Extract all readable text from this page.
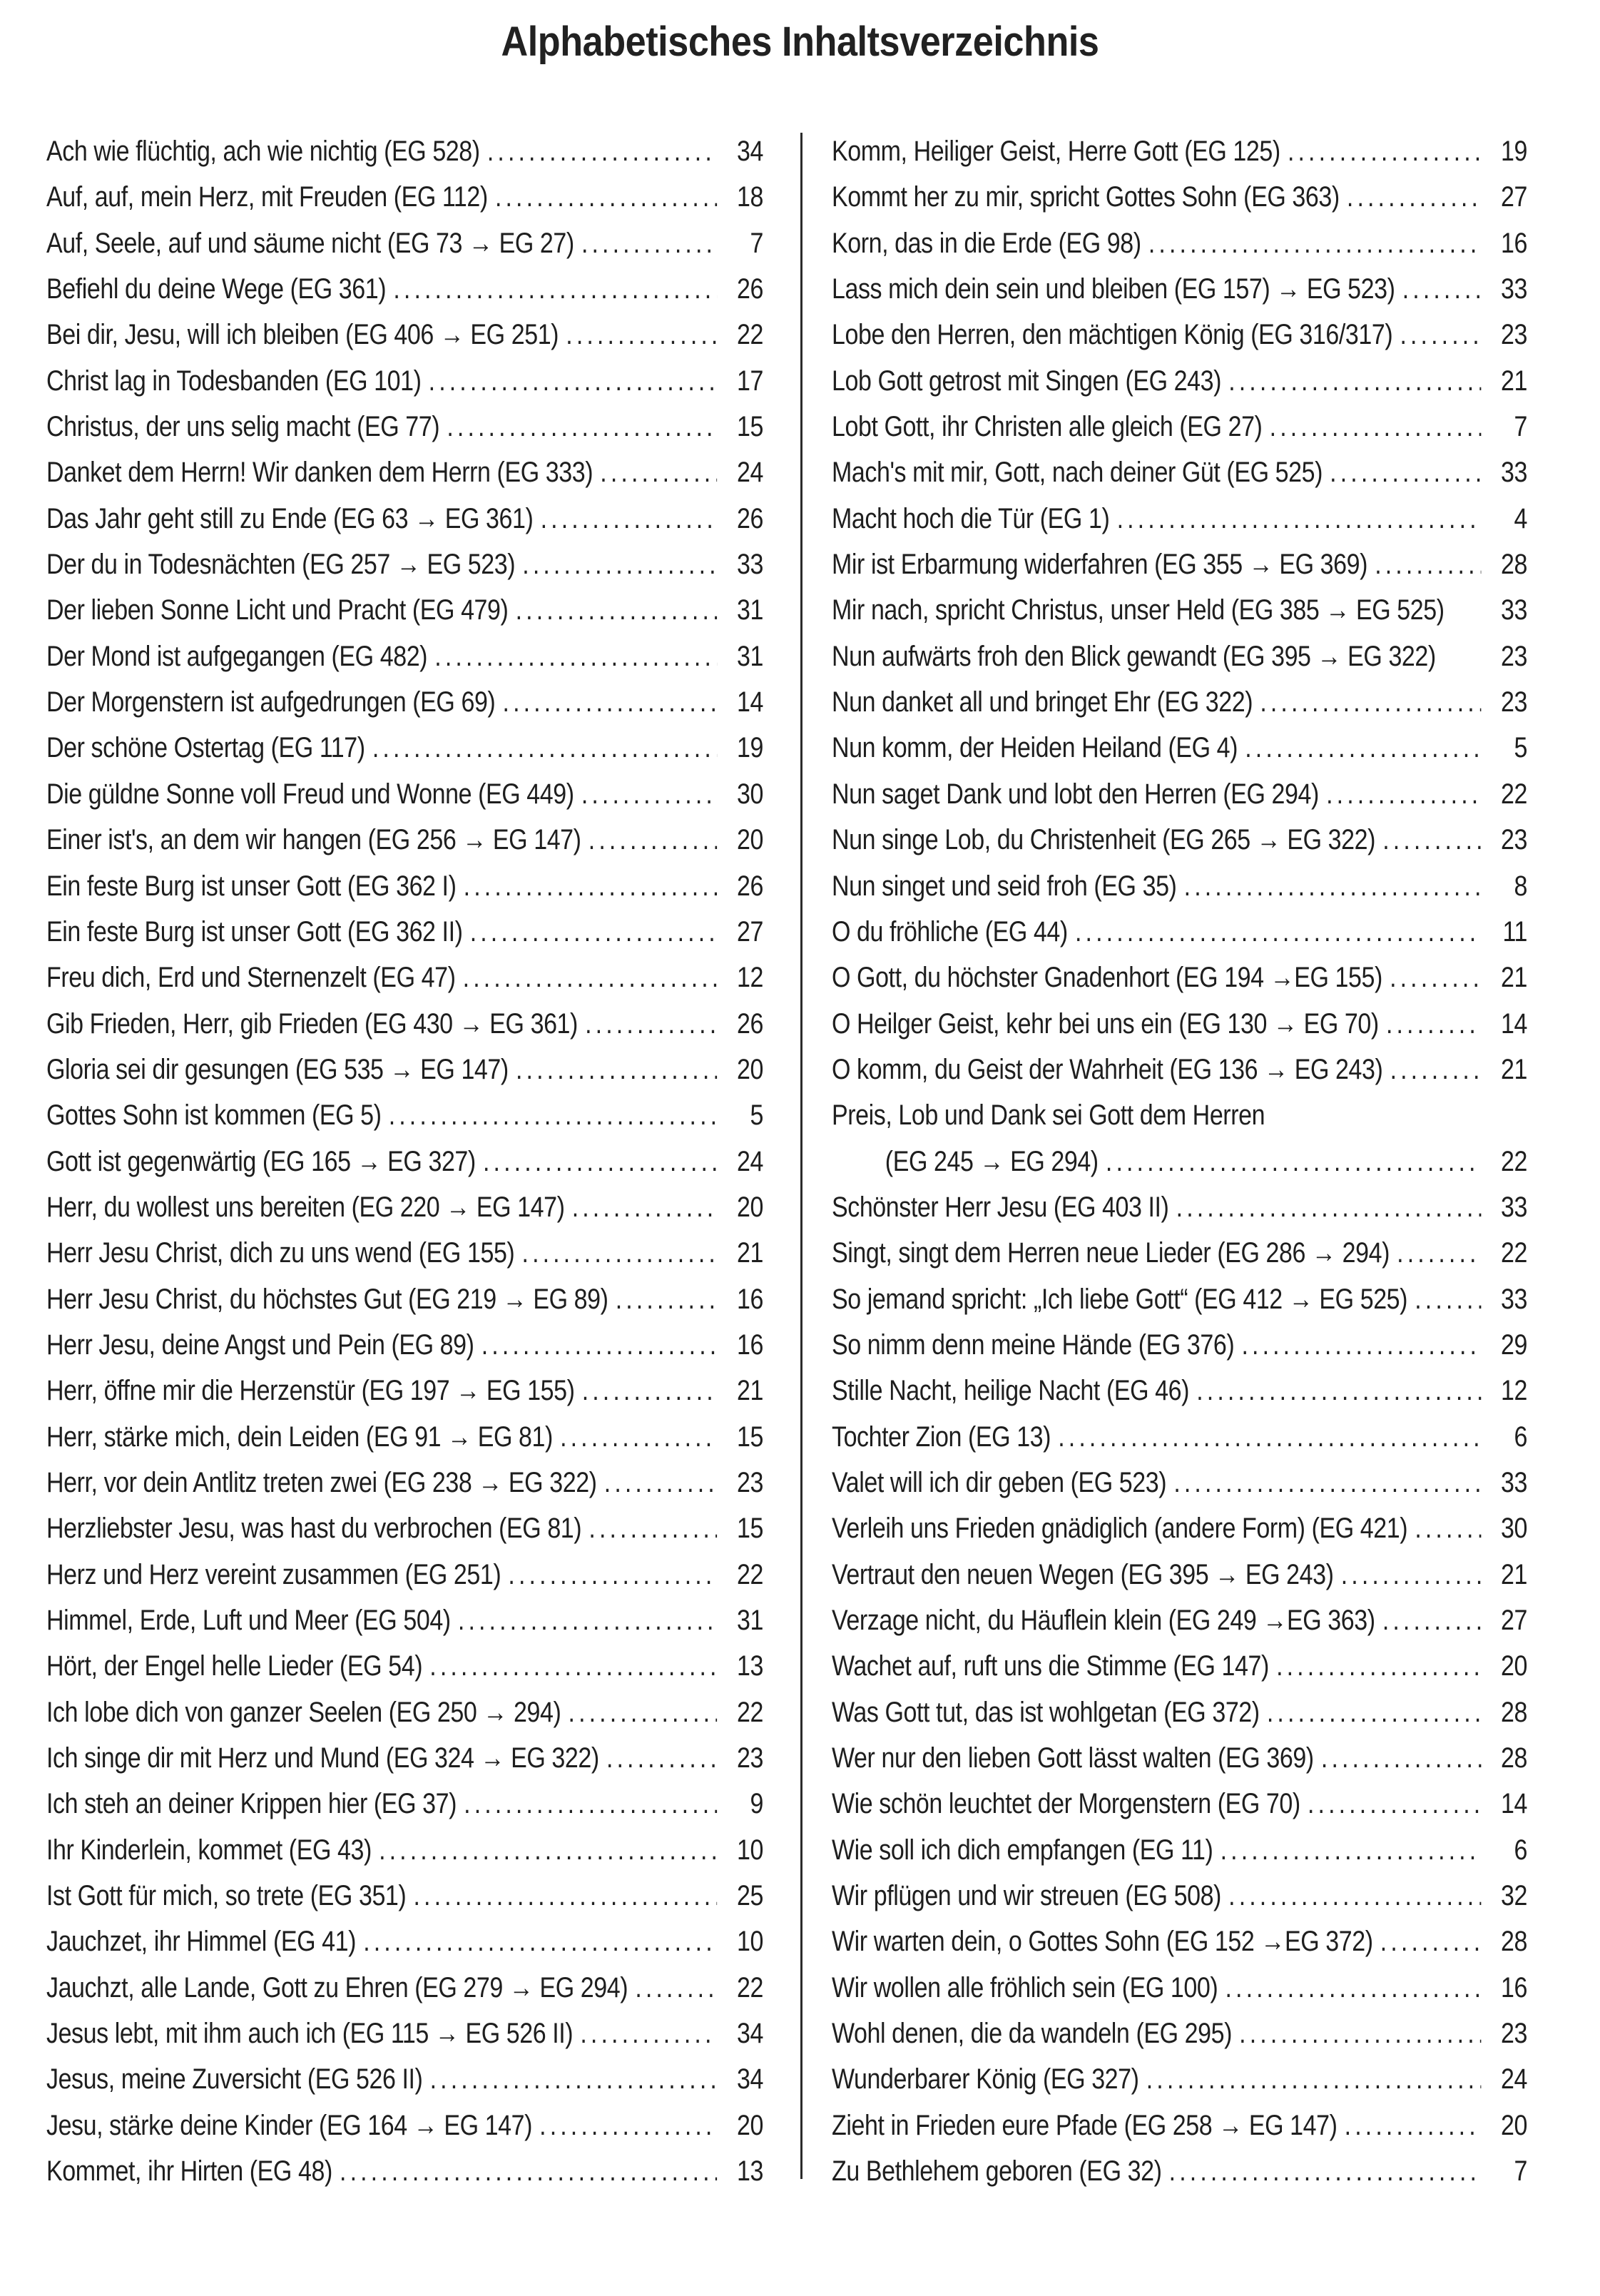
Alphabetisches Inhaltsverzeichnis
Ach wie flüchtig, ach wie nichtig (EG 528) .....	34
Auf, auf, mein Herz, mit Freuden (EG 112) .....	18
Auf, Seele, auf und säume nicht (EG 73 → EG 27) .....	7
Befiehl du deine Wege (EG 361) .....	26
Bei dir, Jesu, will ich bleiben (EG 406 → EG 251) .....	22
Christ lag in Todesbanden (EG 101) .....	17
Christus, der uns selig macht (EG 77) .....	15
Danket dem Herrn! Wir danken dem Herrn (EG 333) .....	24
Das Jahr geht still zu Ende (EG 63 → EG 361) .....	26
Der du in Todesnächten (EG 257 → EG 523) .....	33
Der lieben Sonne Licht und Pracht (EG 479) .....	31
Der Mond ist aufgegangen (EG 482) .....	31
Der Morgenstern ist aufgedrungen (EG 69) .....	14
Der schöne Ostertag (EG 117) .....	19
Die güldne Sonne voll Freud und Wonne (EG 449) .....	30
Einer ist's, an dem wir hangen (EG 256 → EG 147) .....	20
Ein feste Burg ist unser Gott (EG 362 I) .....	26
Ein feste Burg ist unser Gott (EG 362 II) .....	27
Freu dich, Erd und Sternenzelt (EG 47) .....	12
Gib Frieden, Herr, gib Frieden (EG 430 → EG 361) .....	26
Gloria sei dir gesungen (EG 535 → EG 147) .....	20
Gottes Sohn ist kommen (EG 5) .....	5
Gott ist gegenwärtig (EG 165 → EG 327) .....	24
Herr, du wollest uns bereiten (EG 220 → EG 147) .....	20
Herr Jesu Christ, dich zu uns wend (EG 155) .....	21
Herr Jesu Christ, du höchstes Gut (EG 219 → EG 89) .....	16
Herr Jesu, deine Angst und Pein (EG 89) .....	16
Herr, öffne mir die Herzenstür (EG 197 → EG 155) .....	21
Herr, stärke mich, dein Leiden (EG 91 → EG 81) .....	15
Herr, vor dein Antlitz treten zwei (EG 238 → EG 322) .....	23
Herzliebster Jesu, was hast du verbrochen (EG 81) .....	15
Herz und Herz vereint zusammen (EG 251) .....	22
Himmel, Erde, Luft und Meer (EG 504) .....	31
Hört, der Engel helle Lieder (EG 54) .....	13
Ich lobe dich von ganzer Seelen (EG 250 → 294) .....	22
Ich singe dir mit Herz und Mund (EG 324 → EG 322) .....	23
Ich steh an deiner Krippen hier (EG 37) .....	9
Ihr Kinderlein, kommet (EG 43) .....	10
Ist Gott für mich, so trete (EG 351) .....	25
Jauchzet, ihr Himmel (EG 41) .....	10
Jauchzt, alle Lande, Gott zu Ehren (EG 279 → EG 294) .....	22
Jesus lebt, mit ihm auch ich (EG 115 → EG 526 II) .....	34
Jesus, meine Zuversicht (EG 526 II) .....	34
Jesu, stärke deine Kinder (EG 164 → EG 147) .....	20
Kommet, ihr Hirten (EG 48) .....	13
Komm, Heiliger Geist, Herre Gott (EG 125) .....	19
Kommt her zu mir, spricht Gottes Sohn (EG 363) .....	27
Korn, das in die Erde (EG 98) .....	16
Lass mich dein sein und bleiben (EG 157) → EG 523) .....	33
Lobe den Herren, den mächtigen König (EG 316/317) .....	23
Lob Gott getrost mit Singen (EG 243) .....	21
Lobt Gott, ihr Christen alle gleich (EG 27) .....	7
Mach's mit mir, Gott, nach deiner Güt (EG 525) .....	33
Macht hoch die Tür (EG 1) .....	4
Mir ist Erbarmung widerfahren (EG 355 → EG 369) .....	28
Mir nach, spricht Christus, unser Held (EG 385 → EG 525)	33
Nun aufwärts froh den Blick gewandt (EG 395 → EG 322)	23
Nun danket all und bringet Ehr (EG 322) .....	23
Nun komm, der Heiden Heiland (EG 4) .....	5
Nun saget Dank und lobt den Herren (EG 294) .....	22
Nun singe Lob, du Christenheit (EG 265 → EG 322) .....	23
Nun singet und seid froh (EG 35) .....	8
O du fröhliche (EG 44) .....	11
O Gott, du höchster Gnadenhort (EG 194 →EG 155) .....	21
O Heilger Geist, kehr bei uns ein (EG 130 → EG 70) .....	14
O komm, du Geist der Wahrheit (EG 136 → EG 243) .....	21
Preis, Lob und Dank sei Gott dem Herren
(EG 245 → EG 294) .....	22
Schönster Herr Jesu (EG 403 II) .....	33
Singt, singt dem Herren neue Lieder (EG 286 → 294) .....	22
So jemand spricht: „Ich liebe Gott“ (EG 412 → EG 525) .....	33
So nimm denn meine Hände (EG 376) .....	29
Stille Nacht, heilige Nacht (EG 46) .....	12
Tochter Zion (EG 13) .....	6
Valet will ich dir geben (EG 523) .....	33
Verleih uns Frieden gnädiglich (andere Form) (EG 421) .....	30
Vertraut den neuen Wegen (EG 395 → EG 243) .....	21
Verzage nicht, du Häuflein klein (EG 249 →EG 363) .....	27
Wachet auf, ruft uns die Stimme (EG 147) .....	20
Was Gott tut, das ist wohlgetan (EG 372) .....	28
Wer nur den lieben Gott lässt walten (EG 369) .....	28
Wie schön leuchtet der Morgenstern (EG 70) .....	14
Wie soll ich dich empfangen (EG 11) .....	6
Wir pflügen und wir streuen (EG 508) .....	32
Wir warten dein, o Gottes Sohn (EG 152 →EG 372) .....	28
Wir wollen alle fröhlich sein (EG 100) .....	16
Wohl denen, die da wandeln (EG 295) .....	23
Wunderbarer König (EG 327) .....	24
Zieht in Frieden eure Pfade (EG 258 → EG 147) .....	20
Zu Bethlehem geboren (EG 32) .....	7
